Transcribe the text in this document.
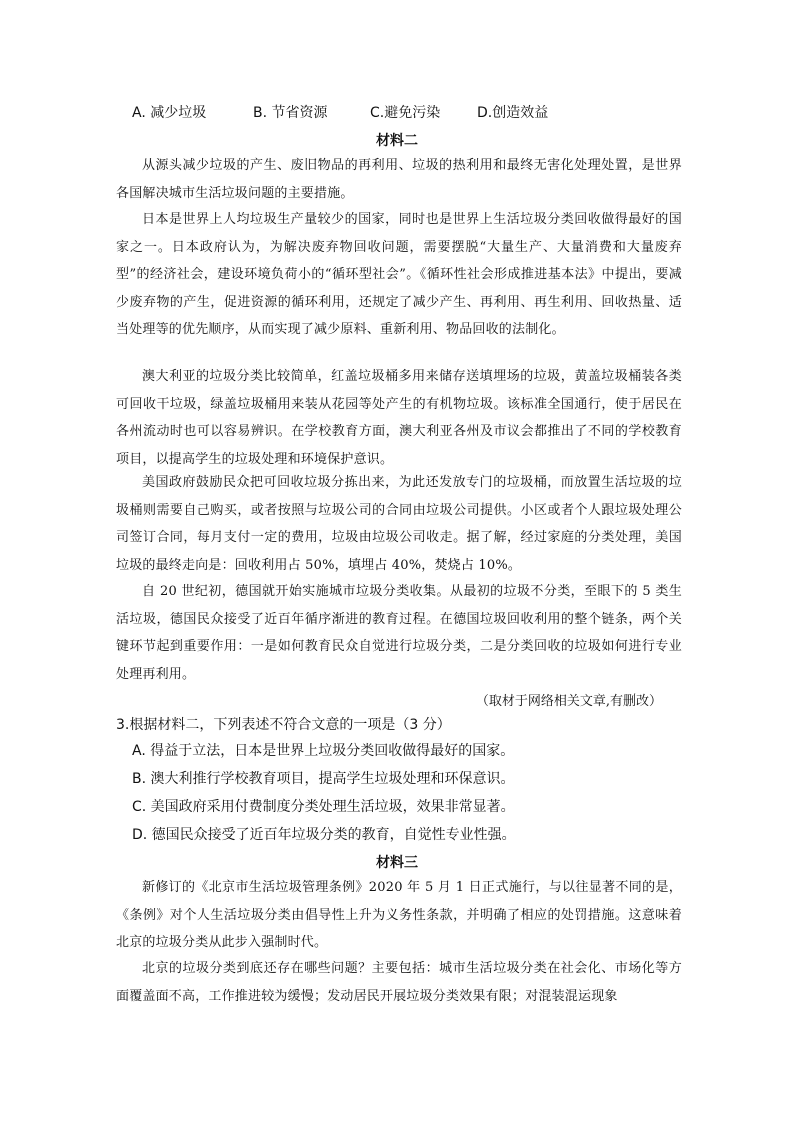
A. 减少垃圾	B. 节省资源	C.避免污染	D.创造效益
材料二
从源头减少垃圾的产生、废旧物品的再利用、垃圾的热利用和最终无害化处理处置，是世界各国解决城市生活垃圾问题的主要措施。
日本是世界上人均垃圾生产量较少的国家，同时也是世界上生活垃圾分类回收做得最好的国家之一。日本政府认为，为解决废弃物回收问题，需要摆脱“大量生产、大量消费和大量废弃型”的经济社会，建设环境负荷小的“循环型社会”。《循环性社会形成推进基本法》中提出，要减少废弃物的产生，促进资源的循环利用，还规定了减少产生、再利用、再生利用、回收热量、适当处理等的优先顺序，从而实现了减少原料、重新利用、物品回收的法制化。
澳大利亚的垃圾分类比较简单，红盖垃圾桶多用来储存送填埋场的垃圾，黄盖垃圾桶装各类可回收干垃圾，绿盖垃圾桶用来装从花园等处产生的有机物垃圾。该标准全国通行，使于居民在各州流动时也可以容易辨识。在学校教育方面，澳大利亚各州及市议会都推出了不同的学校教育项目，以提高学生的垃圾处理和环境保护意识。
美国政府鼓励民众把可回收垃圾分拣出来，为此还发放专门的垃圾桶，而放置生活垃圾的垃圾桶则需要自己购买，或者按照与垃圾公司的合同由垃圾公司提供。小区或者个人跟垃圾处理公司签订合同，每月支付一定的费用，垃圾由垃圾公司收走。据了解，经过家庭的分类处理，美国垃圾的最终走向是：回收利用占 50%，填埋占 40%，焚烧占 10%。
自 20 世纪初，德国就开始实施城市垃圾分类收集。从最初的垃圾不分类，至眼下的 5 类生活垃圾，德国民众接受了近百年循序渐进的教育过程。在德国垃圾回收利用的整个链条，两个关键环节起到重要作用：一是如何教育民众自觉进行垃圾分类，二是分类回收的垃圾如何进行专业处理再利用。
（取材于网络相关文章,有删改）
3.根据材料二，下列表述不符合文意的一项是（3 分）
A. 得益于立法，日本是世界上垃圾分类回收做得最好的国家。
B. 澳大利推行学校教育项目，提高学生垃圾处理和环保意识。
C. 美国政府采用付费制度分类处理生活垃圾，效果非常显著。
D. 德国民众接受了近百年垃圾分类的教育，自觉性专业性强。
材料三
新修订的《北京市生活垃圾管理条例》2020 年 5 月 1 日正式施行，与以往显著不同的是，《条例》对个人生活垃圾分类由倡导性上升为义务性条款，并明确了相应的处罚措施。这意味着北京的垃圾分类从此步入强制时代。
北京的垃圾分类到底还存在哪些问题？主要包括：城市生活垃圾分类在社会化、市场化等方面覆盖面不高，工作推进较为缓慢；发动居民开展垃圾分类效果有限；对混装混运现象
